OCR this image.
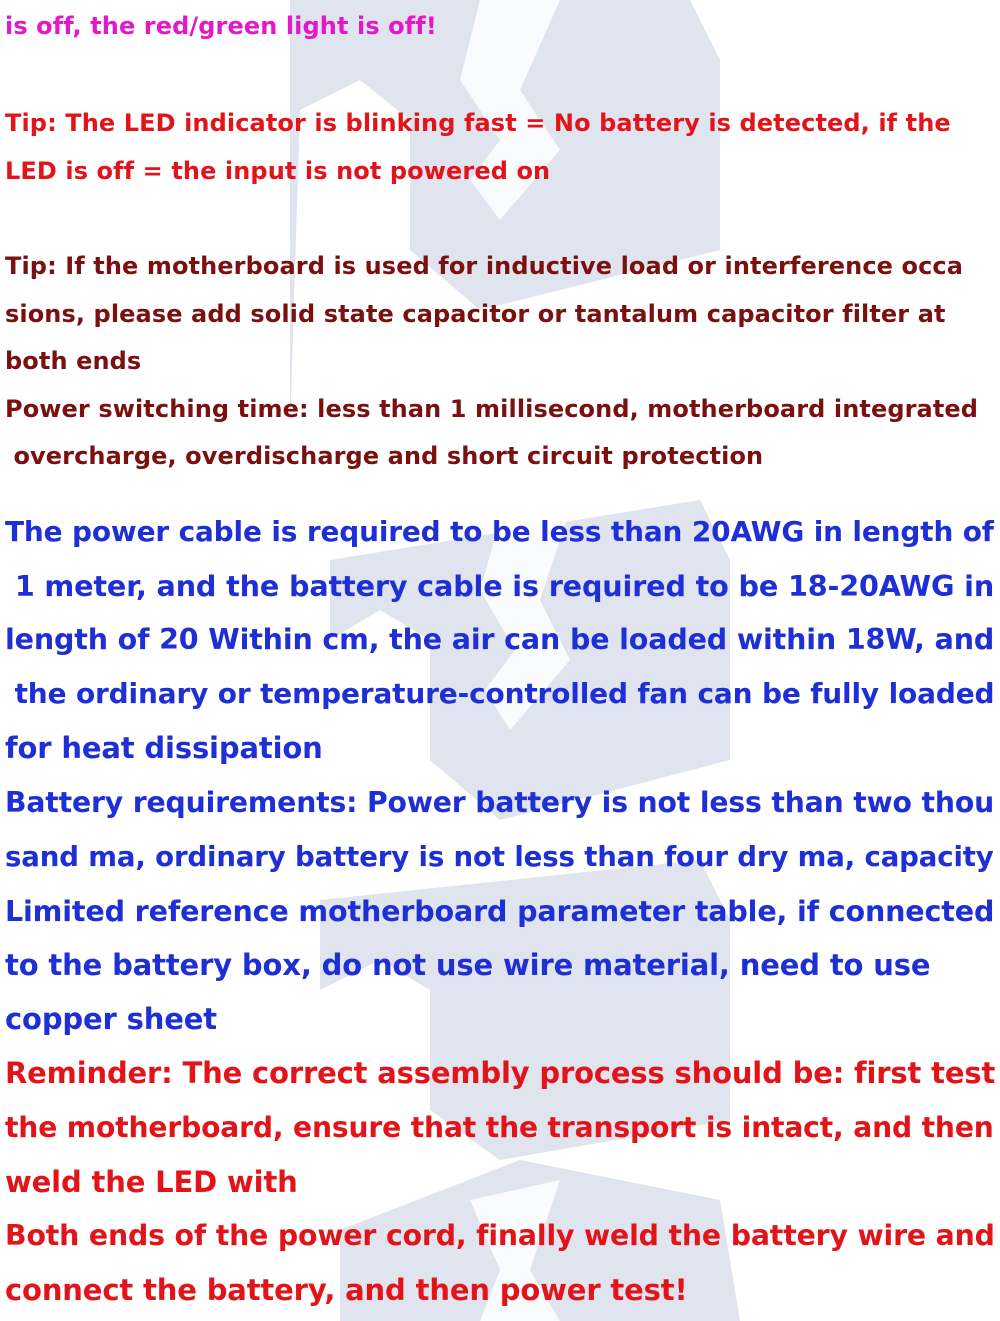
is off, the red/green light is off!

Tip: The LED indicator is blinking fast = No battery is detected, if the

LED is off = the input is not powered on

Tip: If the motherboard is used for inductive load or interference occa

sions, please add solid state capacitor or tantalum capacitor filter at

both ends

Power switching time: less than 1 millisecond, motherboard integrated

overcharge, overdischarge and short circuit protection

The power cable is required to be less than 20AWG in length of

1 meter, and the battery cable is required to be 18-20AWG in

length of 20 Within cm, the air can be loaded within 18W, and

the ordinary or temperature-controlled fan can be fully loaded

for heat dissipation

Battery requirements: Power battery is not less than two thou

sand ma, ordinary battery is not less than four dry ma, capacity

Limited reference motherboard parameter table, if connected

to the battery box, do not use wire material, need to use

copper sheet

Reminder: The correct assembly process should be: first test

the motherboard, ensure that the transport is intact, and then

weld the LED with

Both ends of the power cord, finally weld the battery wire and

connect the battery, and then power test!
